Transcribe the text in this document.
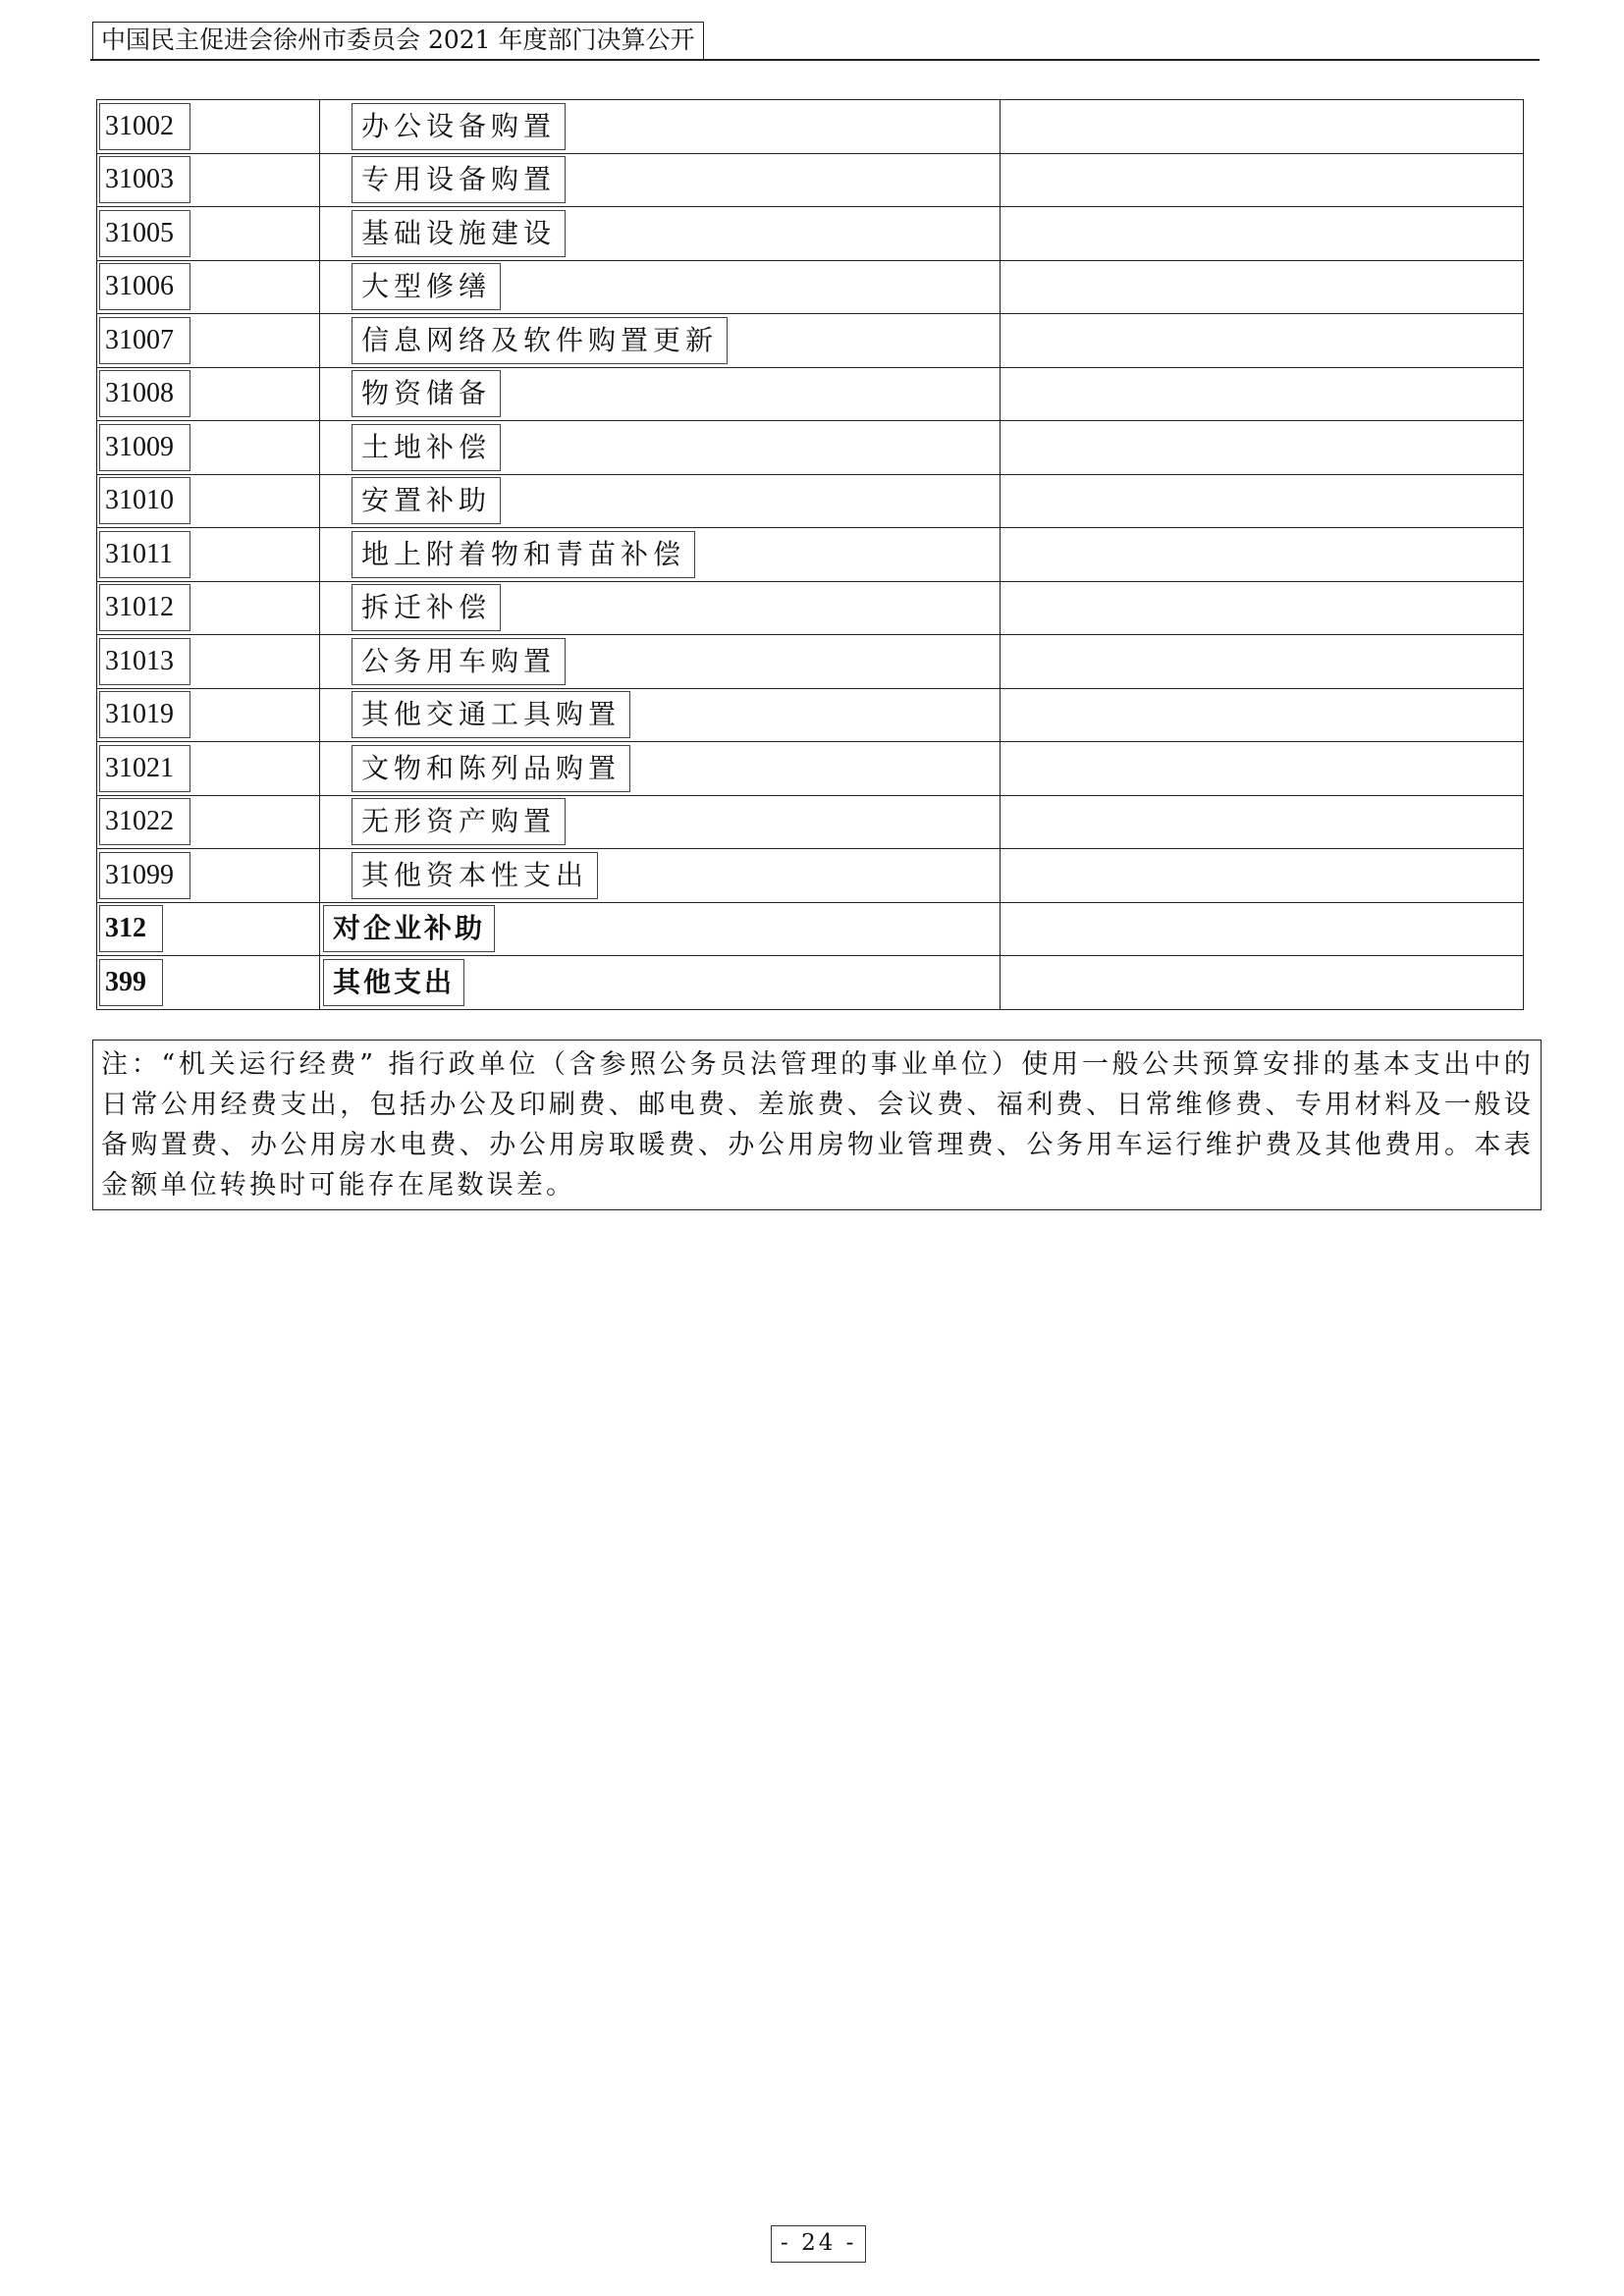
中国民主促进会徐州市委员会 2021 年度部门决算公开
31002	办公设备购置	
31003	专用设备购置	
31005	基础设施建设	
31006	大型修缮	
31007	信息网络及软件购置更新	
31008	物资储备	
31009	土地补偿	
31010	安置补助	
31011	地上附着物和青苗补偿	
31012	拆迁补偿	
31013	公务用车购置	
31019	其他交通工具购置	
31021	文物和陈列品购置	
31022	无形资产购置	
31099	其他资本性支出	
312	对企业补助	
399	其他支出	
注：“机关运行经费” 指行政单位（含参照公务员法管理的事业单位）使用一般公共预算安排的基本支出中的日常公用经费支出，包括办公及印刷费、邮电费、差旅费、会议费、福利费、日常维修费、专用材料及一般设备购置费、办公用房水电费、办公用房取暖费、办公用房物业管理费、公务用车运行维护费及其他费用。本表金额单位转换时可能存在尾数误差。
- 24 -
